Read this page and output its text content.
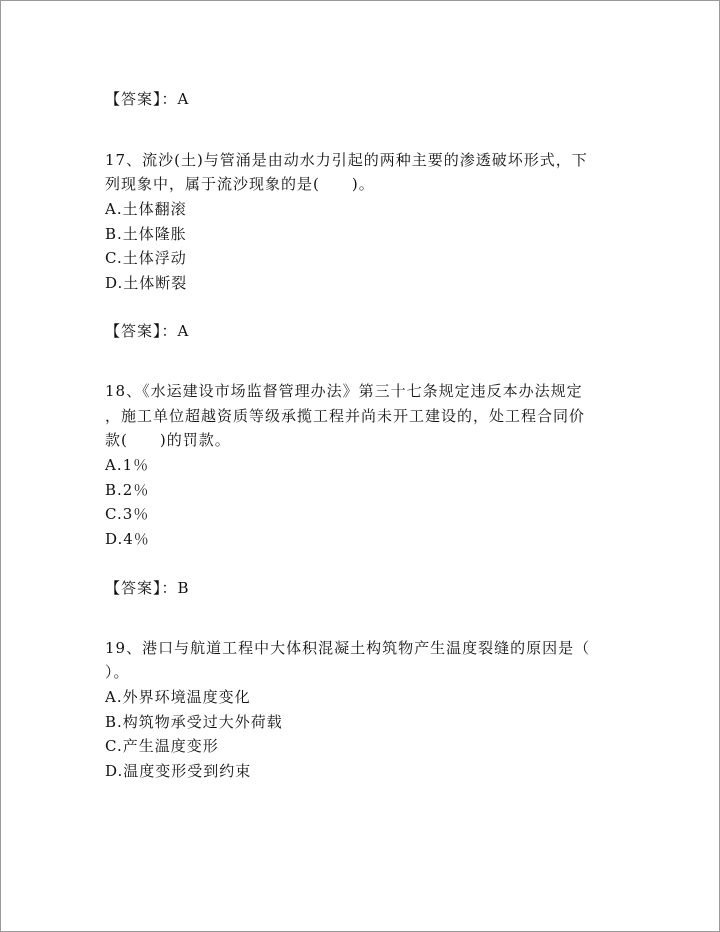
【答案】：A
17、流沙(土)与管涌是由动水力引起的两种主要的渗透破坏形式，下
列现象中，属于流沙现象的是(　　)。
A.土体翻滚
B.土体隆胀
C.土体浮动
D.土体断裂
【答案】：A
18、《水运建设市场监督管理办法》第三十七条规定违反本办法规定
，施工单位超越资质等级承揽工程并尚未开工建设的，处工程合同价
款(　　)的罚款。
A.1％
B.2％
C.3％
D.4％
【答案】：B
19、港口与航道工程中大体积混凝土构筑物产生温度裂缝的原因是（
）。
A.外界环境温度变化
B.构筑物承受过大外荷载
C.产生温度变形
D.温度变形受到约束
